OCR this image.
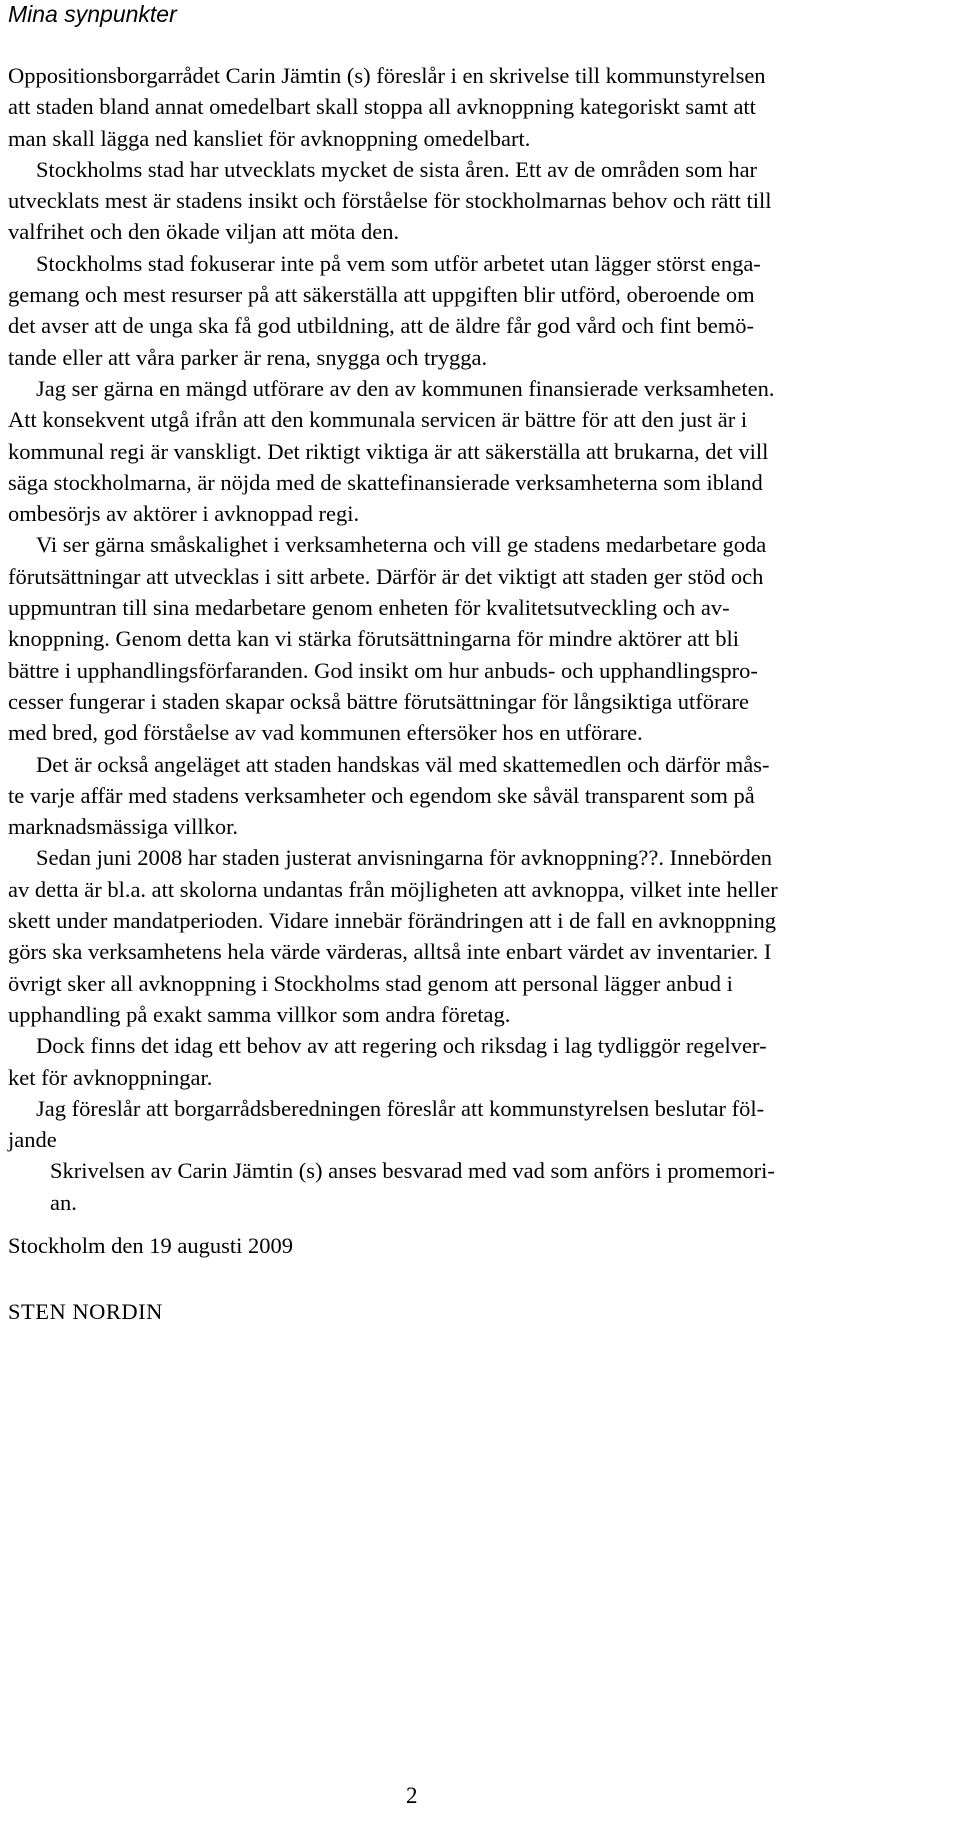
Mina synpunkter

Oppositionsborgarrådet Carin Jämtin (s) föreslår i en skrivelse till kommunstyrelsen

att staden bland annat omedelbart skall stoppa all avknoppning kategoriskt samt att

man skall lägga ned kansliet för avknoppning omedelbart.

Stockholms stad har utvecklats mycket de sista åren. Ett av de områden som har

utvecklats mest är stadens insikt och förståelse för stockholmarnas behov och rätt till

valfrihet och den ökade viljan att möta den.

Stockholms stad fokuserar inte på vem som utför arbetet utan lägger störst enga-

gemang och mest resurser på att säkerställa att uppgiften blir utförd, oberoende om

det avser att de unga ska få god utbildning, att de äldre får god vård och fint bemö-

tande eller att våra parker är rena, snygga och trygga.

Jag ser gärna en mängd utförare av den av kommunen finansierade verksamheten.

Att konsekvent utgå ifrån att den kommunala servicen är bättre för att den just är i

kommunal regi är vanskligt. Det riktigt viktiga är att säkerställa att brukarna, det vill

säga stockholmarna, är nöjda med de skattefinansierade verksamheterna som ibland

ombesörjs av aktörer i avknoppad regi.

Vi ser gärna småskalighet i verksamheterna och vill ge stadens medarbetare goda

förutsättningar att utvecklas i sitt arbete. Därför är det viktigt att staden ger stöd och

uppmuntran till sina medarbetare genom enheten för kvalitetsutveckling och av-

knoppning. Genom detta kan vi stärka förutsättningarna för mindre aktörer att bli

bättre i upphandlingsförfaranden. God insikt om hur anbuds- och upphandlingspro-

cesser fungerar i staden skapar också bättre förutsättningar för långsiktiga utförare

med bred, god förståelse av vad kommunen eftersöker hos en utförare.

Det är också angeläget att staden handskas väl med skattemedlen och därför mås-

te varje affär med stadens verksamheter och egendom ske såväl transparent som på

marknadsmässiga villkor.

Sedan juni 2008 har staden justerat anvisningarna för avknoppning??. Innebörden

av detta är bl.a. att skolorna undantas från möjligheten att avknoppa, vilket inte heller

skett under mandatperioden. Vidare innebär förändringen att i de fall en avknoppning

görs ska verksamhetens hela värde värderas, alltså inte enbart värdet av inventarier. I

övrigt sker all avknoppning i Stockholms stad genom att personal lägger anbud i

upphandling på exakt samma villkor som andra företag.

Dock finns det idag ett behov av att regering och riksdag i lag tydliggör regelver-

ket för avknoppningar.

Jag föreslår att borgarrådsberedningen föreslår att kommunstyrelsen beslutar föl-

jande

Skrivelsen av Carin Jämtin (s) anses besvarad med vad som anförs i promemori-

an.

Stockholm den 19 augusti 2009
STEN NORDIN
2
